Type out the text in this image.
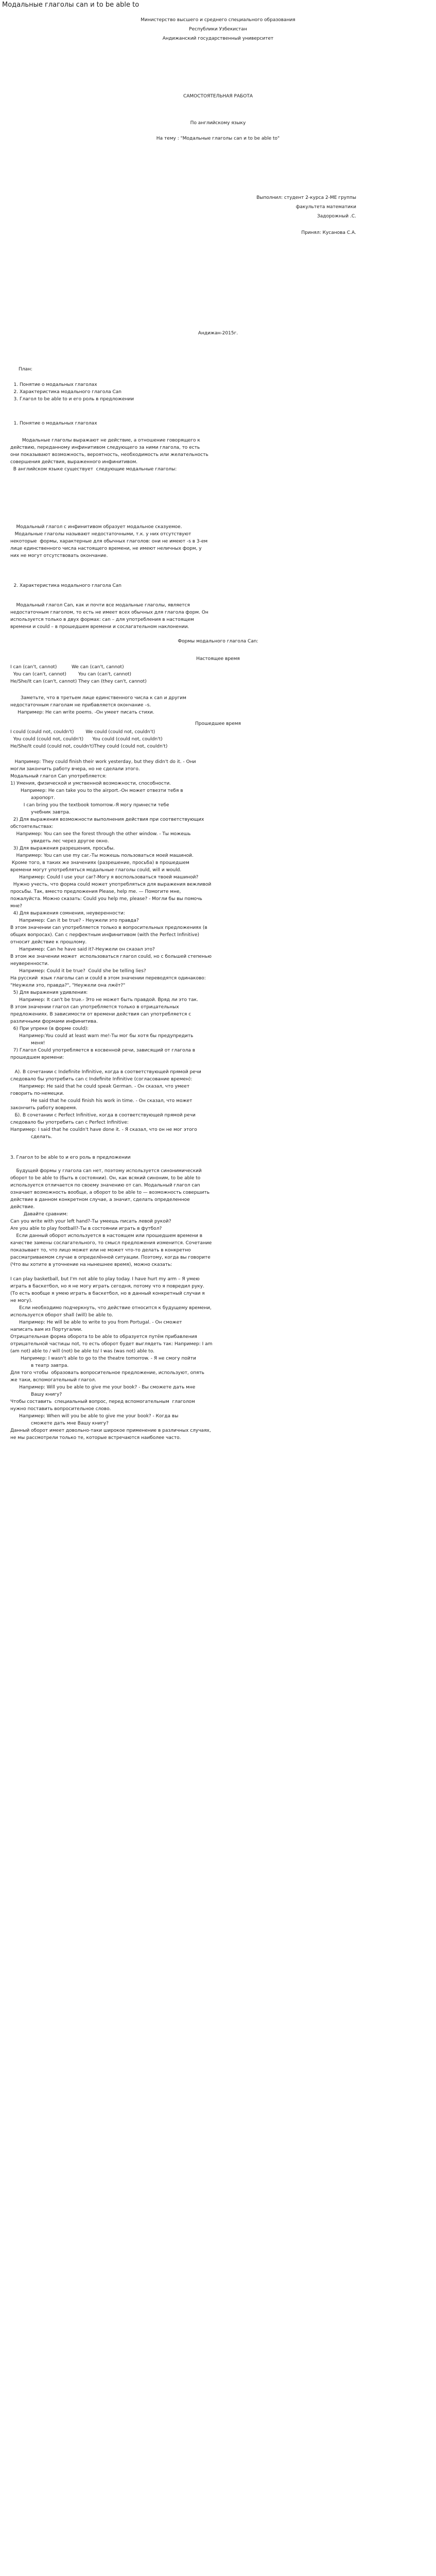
Модальные глаголы can и to be able to
Министерство высшего и среднего специального образования
Республики Узбекистан
Андижанский государственный университет
САМОСТОЯТЕЛЬНАЯ РАБОТА
По английскому языку
На тему : "Модальные глаголы can и to be able to"
Выполнил: студент 2-курса 2-МЕ группы
факультета математики
Задорожный .С.
Принял: Кусанова С.А.
Андижан-2015г.
План:
1. Понятие о модальных глаголах
2. Характеристика модального глагола Can
3. Глагол to be able to и его роль в предложении
1. Понятие о модальных глаголах
Модальные глаголы выражают не действие, а отношение говорящего к
действию, переданному инфинитивом следующего за ними глагола, то есть
они показывают возможность, вероятность, необходимость или желательность
совершения действия, выраженного инфинитивом.
В английском языке существует  следующие модальные глаголы:

Модальный глагол с инфинитивом образует модальное сказуемое.
Модальные глаголы называют недостаточными, т.к. у них отсутствуют
некоторые  формы, характерные для обычных глаголов: они не имеют -s в 3-ем
лице единственного числа настоящего времени, не имеют неличных форм, у
них не могут отсутствовать окончание.
2. Характеристика модального глагола Can
Модальный глагол Can, как и почти все модальные глаголы, является
недостаточным глаголом, то есть не имеет всех обычных для глагола форм. Он
используется только в двух формах: can – для употребления в настоящем
времени и could – в прошедшем времени и сослагательном наклонении.
Формы модального глагола Can:
Настоящее время
I can (can't, cannot)          We can (can't, cannot)
You can (can't, cannot)        You can (can't, cannot)
He/She/It can (can't, cannot) They can (they can't, cannot)
Заметьте, что в третьем лице единственного числа к can и другим
недостаточным глаголам не прибавляется окончание –s.
Например: He can write poems. -Он умеет писать стихи.
Прошедшее время
I could (could not, couldn't)        We could (could not, couldn't)
You could (could not, couldn't)      You could (could not, couldn't)
He/She/It could (could not, couldn't)They could (could not, couldn't)
Например: They could finish their work yesterday, but they didn't do it. - Они
могли закончить работу вчера, но не сделали этого.
Модальный глагол Can употребляется:
1) Умения, физической и умственной возможности, способности.
Например: He can take you to the airport.-Он может отвезти тебя в
аэропорт.
I can bring you the textbook tomorrow.-Я могу принести тебе
учебник завтра.
2) Для выражения возможности выполнения действия при соответствующих
обстоятельствах:
Например: You can see the forest through the other window. - Ты можешь
увидеть лес через другое окно.
3) Для выражения разрешения, просьбы.
Например: You can use my car.-Ты можешь пользоваться моей машиной.
Кроме того, в таких же значениях (разрешение, просьба) в прошедшем
времени могут употребляться модальные глаголы could, will и would.
Например: Could I use your car?-Могу я воспользоваться твоей машиной?
Нужно учесть, что форма could может употребляться для выражения вежливой
просьбы. Так, вместо предложения Please, help me. — Помогите мне,
пожалуйста. Можно сказать: Could you help me, please? - Могли бы вы помочь
мне?
4) Для выражения сомнения, неуверенности:
Например: Can it be true? - Неужели это правда?
В этом значении can употребляется только в вопросительных предложениях (в
общих вопросах). Can с перфектным инфинитивом (with the Perfect Infinitive)
относит действие к прошлому.
Например: Can he have said it?-Неужели он сказал это?
В этом же значении может  использоваться глагол could, но с большей степенью
неуверенности.
Например: Could it be true?  Could she be telling lies?
На русский  язык глаголы can и could в этом значении переводятся одинаково:
"Неужели это, правда?", "Неужели она лжёт?"
5) Для выражения удивления:
Например: It can't be true.- Это не может быть правдой. Вряд ли это так.
В этом значении глагол can употребляется только в отрицательных
предложениях. В зависимости от времени действия can употребляется с
различными формами инфинитива.
6) При упреке (в форме could):
Например:You could at least warn me!-Ты мог бы хотя бы предупредить
меня!
7) Глагол Could употребляется в косвенной речи, зависящий от глагола в
прошедшем времени:

А). В сочетании с Indefinite Infinitive, когда в соответствующей прямой речи
следовало бы употребить can с Indefinite Infinitive (согласование времен):
Например: He said that he could speak German. - Он сказал, что умеет
говорить по-немецки.
He said that he could finish his work in time. - Он сказал, что может
закончить работу вовремя.
Б). В сочетании с Perfect Infinitive, когда в соответствующей прямой речи
следовало бы употребить can с Perfect Infinitive:
Например: I said that he couldn't have done it. - Я сказал, что он не мог этого
сделать.
3. Глагол to be able to и его роль в предложении
Будущей формы у глагола can нет, поэтому используется синонимический
оборот to be able to (быть в состоянии). Он, как всякий синоним, to be able to
используется отличается по своему значению от can. Модальный глагол can
означает возможность вообще, а оборот to be able to — возможность совершить
действие в данном конкретном случае, а значит, сделать определенное
действие.
Давайте сравним:
Can you write with your left hand?-Ты умеешь писать левой рукой?
Are you able to play football?-Ты в состоянии играть в футбол?
Если данный оборот используется в настоящем или прошедшем времени в
качестве замены сослагательного, то смысл предложения изменится. Сочетание
показывает то, что лицо может или не может что-то делать в конкретно
рассматриваемом случае в определённой ситуации. Поэтому, когда вы говорите
(Что вы хотите в уточнение на нынешнее время), можно сказать:

I can play basketball, but I'm not able to play today. I have hurt my arm – Я умею
играть в баскетбол, но я не могу играть сегодня, потому что я повредил руку.
(То есть вообще я умею играть в баскетбол, но в данный конкретный случаи я
не могу).
Если необходимо подчеркнуть, что действие относится к будущему времени,
используется оборот shall (will) be able to.
Например: He will be able to write to you from Portugal. - Он сможет
написать вам из Португалии.
Отрицательная форма оборота to be able to образуется путём прибавления
отрицательной частицы not, то есть оборот будет выглядеть так: Например: I am
(am not) able to / will (not) be able to/ I was (was not) able to.
Например: I wasn't able to go to the theatre tomorrow. - Я не смогу пойти
в театр завтра.
Для того чтобы  образовать вопросительное предложение, используют, опять
же таки, вспомогательный глагол.
Например: Will you be able to give me your book? - Вы сможете дать мне
Вашу книгу?
Чтобы составить  специальный вопрос, перед вспомогательным  глаголом
нужно поставить вопросительное слово.
Например: When will you be able to give me your book? - Когда вы
сможете дать мне Вашу книгу?
Данный оборот имеет довольно-таки широкое применение в различных случаях,
не мы рассмотрели только те, которые встречаются наиболее часто.
